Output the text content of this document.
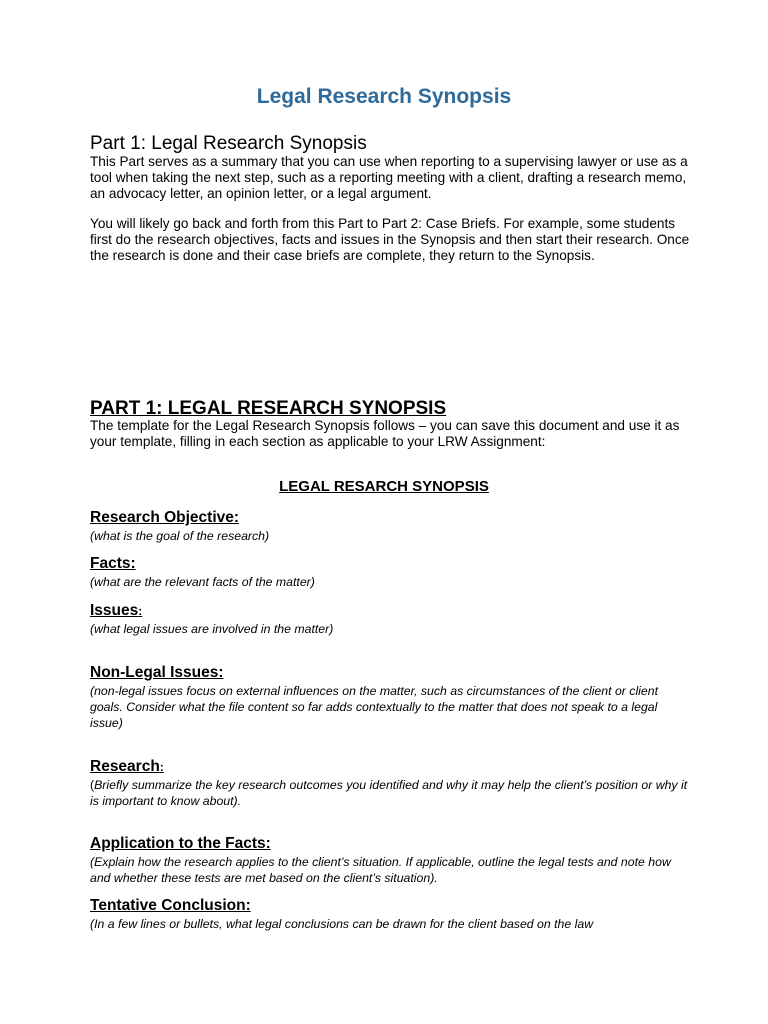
Legal Research Synopsis
Part 1: Legal Research Synopsis
This Part serves as a summary that you can use when reporting to a supervising lawyer or use as a tool when taking the next step, such as a reporting meeting with a client, drafting a research memo, an advocacy letter, an opinion letter, or a legal argument.
You will likely go back and forth from this Part to Part 2: Case Briefs. For example, some students first do the research objectives, facts and issues in the Synopsis and then start their research. Once the research is done and their case briefs are complete, they return to the Synopsis.
PART 1: LEGAL RESEARCH SYNOPSIS
The template for the Legal Research Synopsis follows – you can save this document and use it as your template, filling in each section as applicable to your LRW Assignment:
LEGAL RESARCH SYNOPSIS
Research Objective:
(what is the goal of the research)
Facts:
(what are the relevant facts of the matter)
Issues:
(what legal issues are involved in the matter)
Non-Legal Issues:
(non-legal issues focus on external influences on the matter, such as circumstances of the client or client goals. Consider what the file content so far adds contextually to the matter that does not speak to a legal issue)
Research:
(Briefly summarize the key research outcomes you identified and why it may help the client’s position or why it is important to know about).
Application to the Facts:
(Explain how the research applies to the client’s situation. If applicable, outline the legal tests and note how and whether these tests are met based on the client’s situation).
Tentative Conclusion:
(In a few lines or bullets, what legal conclusions can be drawn for the client based on the law
